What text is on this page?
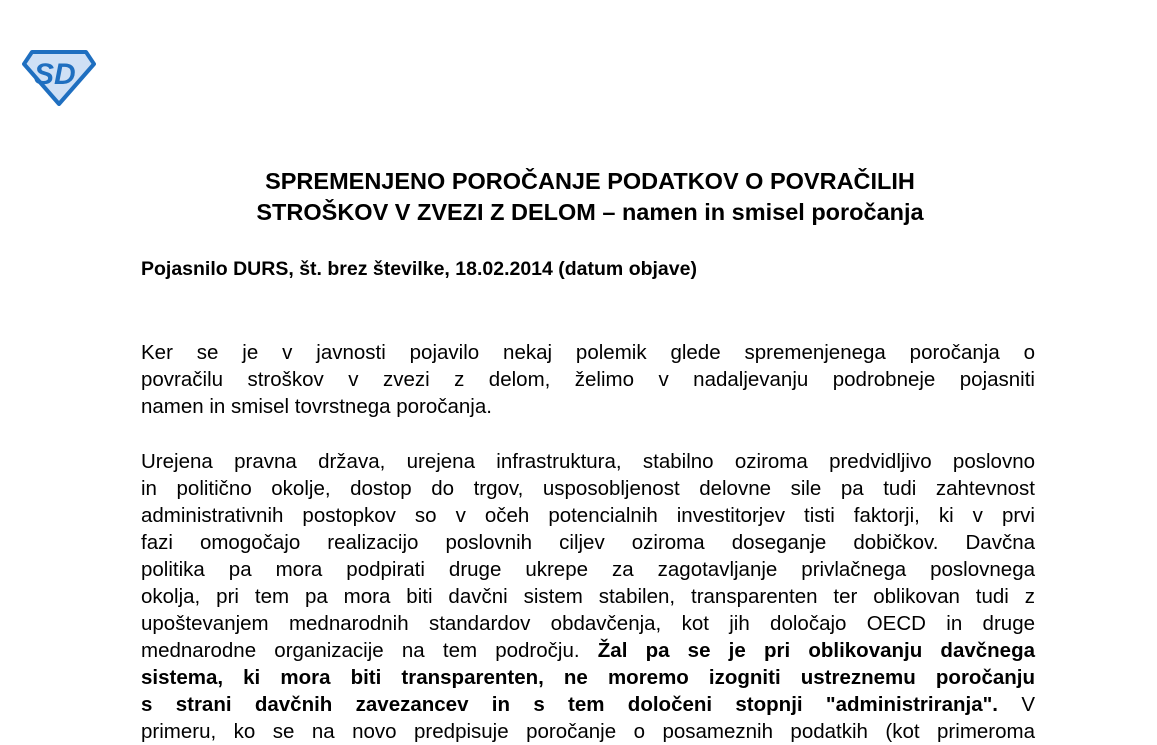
SD
SPREMENJENO POROČANJE PODATKOV O POVRAČILIH
STROŠKOV V ZVEZI Z DELOM – namen in smisel poročanja
Pojasnilo DURS, št. brez številke, 18.02.2014 (datum objave)
Ker se je v javnosti pojavilo nekaj polemik glede spremenjenega poročanja o
povračilu stroškov v zvezi z delom, želimo v nadaljevanju podrobneje pojasniti
namen in smisel tovrstnega poročanja.
Urejena pravna država, urejena infrastruktura, stabilno oziroma predvidljivo poslovno
in politično okolje, dostop do trgov, usposobljenost delovne sile pa tudi zahtevnost
administrativnih postopkov so v očeh potencialnih investitorjev tisti faktorji, ki v prvi
fazi omogočajo realizacijo poslovnih ciljev oziroma doseganje dobičkov. Davčna
politika pa mora podpirati druge ukrepe za zagotavljanje privlačnega poslovnega
okolja, pri tem pa mora biti davčni sistem stabilen, transparenten ter oblikovan tudi z
upoštevanjem mednarodnih standardov obdavčenja, kot jih določajo OECD in druge
mednarodne organizacije na tem področju. Žal pa se je pri oblikovanju davčnega
sistema, ki mora biti transparenten, ne moremo izogniti ustreznemu poročanju
s strani davčnih zavezancev in s tem določeni stopnji "administriranja". V
primeru, ko se na novo predpisuje poročanje o posameznih podatkih (kot primeroma
